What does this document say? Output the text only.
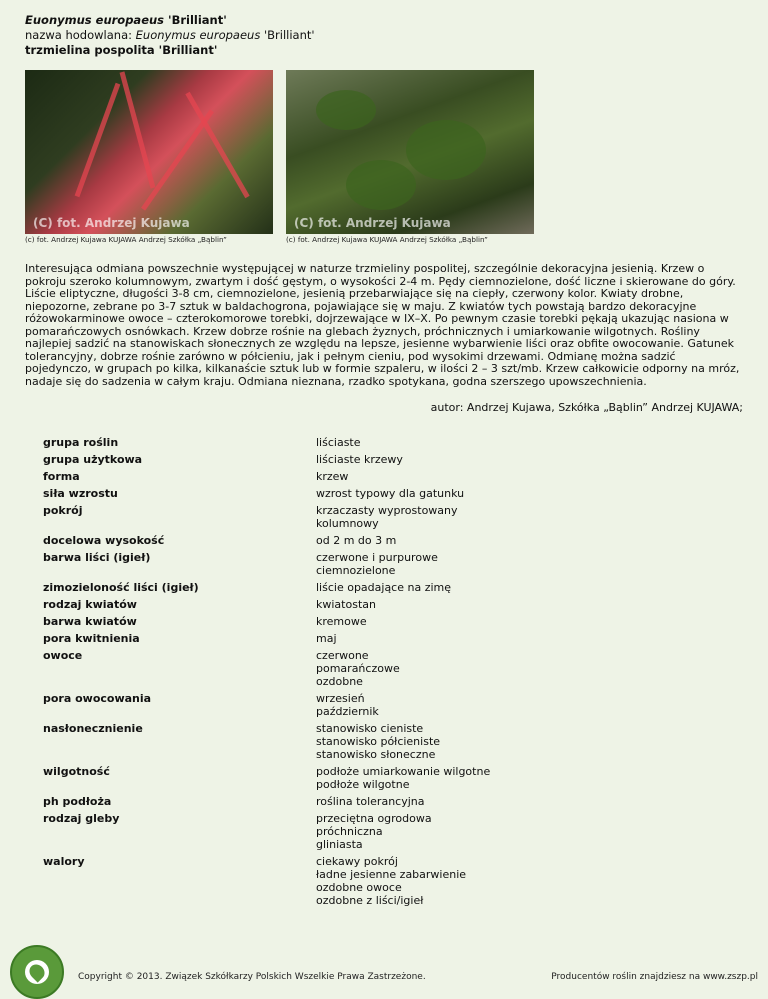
Euonymus europaeus 'Brilliant'
nazwa hodowlana: Euonymus europaeus 'Brilliant'
trzmielina pospolita 'Brilliant'
(C) fot. Andrzej Kujawa
(c) fot. Andrzej Kujawa KUJAWA Andrzej Szkółka „Bąblin”
(C) fot. Andrzej Kujawa
(c) fot. Andrzej Kujawa KUJAWA Andrzej Szkółka „Bąblin”
Interesująca odmiana powszechnie występującej w naturze trzmieliny pospolitej, szczególnie dekoracyjna jesienią. Krzew o pokroju szeroko kolumnowym, zwartym i dość gęstym, o wysokości 2-4 m. Pędy ciemnozielone, dość liczne i skierowane do góry. Liście eliptyczne, długości 3-8 cm, ciemnozielone, jesienią przebarwiające się na ciepły, czerwony kolor. Kwiaty drobne, niepozorne, zebrane po 3-7 sztuk w baldachogrona, pojawiające się w maju. Z kwiatów tych powstają bardzo dekoracyjne różowokarminowe owoce – czterokomorowe torebki, dojrzewające w IX–X. Po pewnym czasie torebki pękają ukazując nasiona w pomarańczowych osnówkach. Krzew dobrze rośnie na glebach żyznych, próchnicznych i umiarkowanie wilgotnych. Rośliny najlepiej sadzić na stanowiskach słonecznych ze względu na lepsze, jesienne wybarwienie liści oraz obfite owocowanie. Gatunek tolerancyjny, dobrze rośnie zarówno w półcieniu, jak i pełnym cieniu, pod wysokimi drzewami. Odmianę można sadzić pojedynczo, w grupach po kilka, kilkanaście sztuk lub w formie szpaleru, w ilości 2 – 3 szt/mb. Krzew całkowicie odporny na mróz, nadaje się do sadzenia w całym kraju. Odmiana nieznana, rzadko spotykana, godna szerszego upowszechnienia.
autor: Andrzej Kujawa, Szkółka „Bąblin” Andrzej KUJAWA;
grupa roślin	liściaste
grupa użytkowa	liściaste krzewy
forma	krzew
siła wzrostu	wzrost typowy dla gatunku
pokrój	krzaczasty wyprostowany
kolumnowy
docelowa wysokość	od 2 m do 3 m
barwa liści (igieł)	czerwone i purpurowe
ciemnozielone
zimozieloność liści (igieł)	liście opadające na zimę
rodzaj kwiatów	kwiatostan
barwa kwiatów	kremowe
pora kwitnienia	maj
owoce	czerwone
pomarańczowe
ozdobne
pora owocowania	wrzesień
październik
nasłonecznienie	stanowisko cieniste
stanowisko półcieniste
stanowisko słoneczne
wilgotność	podłoże umiarkowanie wilgotne
podłoże wilgotne
ph podłoża	roślina tolerancyjna
rodzaj gleby	przeciętna ogrodowa
próchniczna
gliniasta
walory	ciekawy pokrój
ładne jesienne zabarwienie
ozdobne owoce
ozdobne z liści/igieł
Copyright © 2013. Związek Szkółkarzy Polskich Wszelkie Prawa Zastrzeżone.	Producentów roślin znajdziesz na www.zszp.pl
